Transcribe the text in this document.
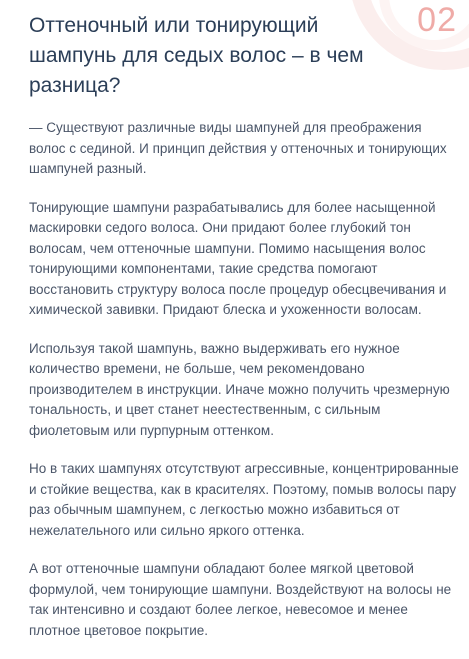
02
Оттеночный или тонирующий шампунь для седых волос – в чем разница?

— Существуют различные виды шампуней для преображения волос с сединой. И принцип действия у оттеночных и тонирующих шампуней разный.

Тонирующие шампуни разрабатывались для более насыщенной маскировки седого волоса. Они придают более глубокий тон волосам, чем оттеночные шампуни. Помимо насыщения волос тонирующими компонентами, такие средства помогают восстановить структуру волоса после процедур обесцвечивания и химической завивки. Придают блеска и ухоженности волосам.

Используя такой шампунь, важно выдерживать его нужное количество времени, не больше, чем рекомендовано производителем в инструкции. Иначе можно получить чрезмерную тональность, и цвет станет неестественным, с сильным фиолетовым или пурпурным оттенком.

Но в таких шампунях отсутствуют агрессивные, концентрированные и стойкие вещества, как в красителях. Поэтому, помыв волосы пару раз обычным шампунем, с легкостью можно избавиться от нежелательного или сильно яркого оттенка.

А вот оттеночные шампуни обладают более мягкой цветовой формулой, чем тонирующие шампуни. Воздействуют на волосы не так интенсивно и создают более легкое, невесомое и менее плотное цветовое покрытие.
